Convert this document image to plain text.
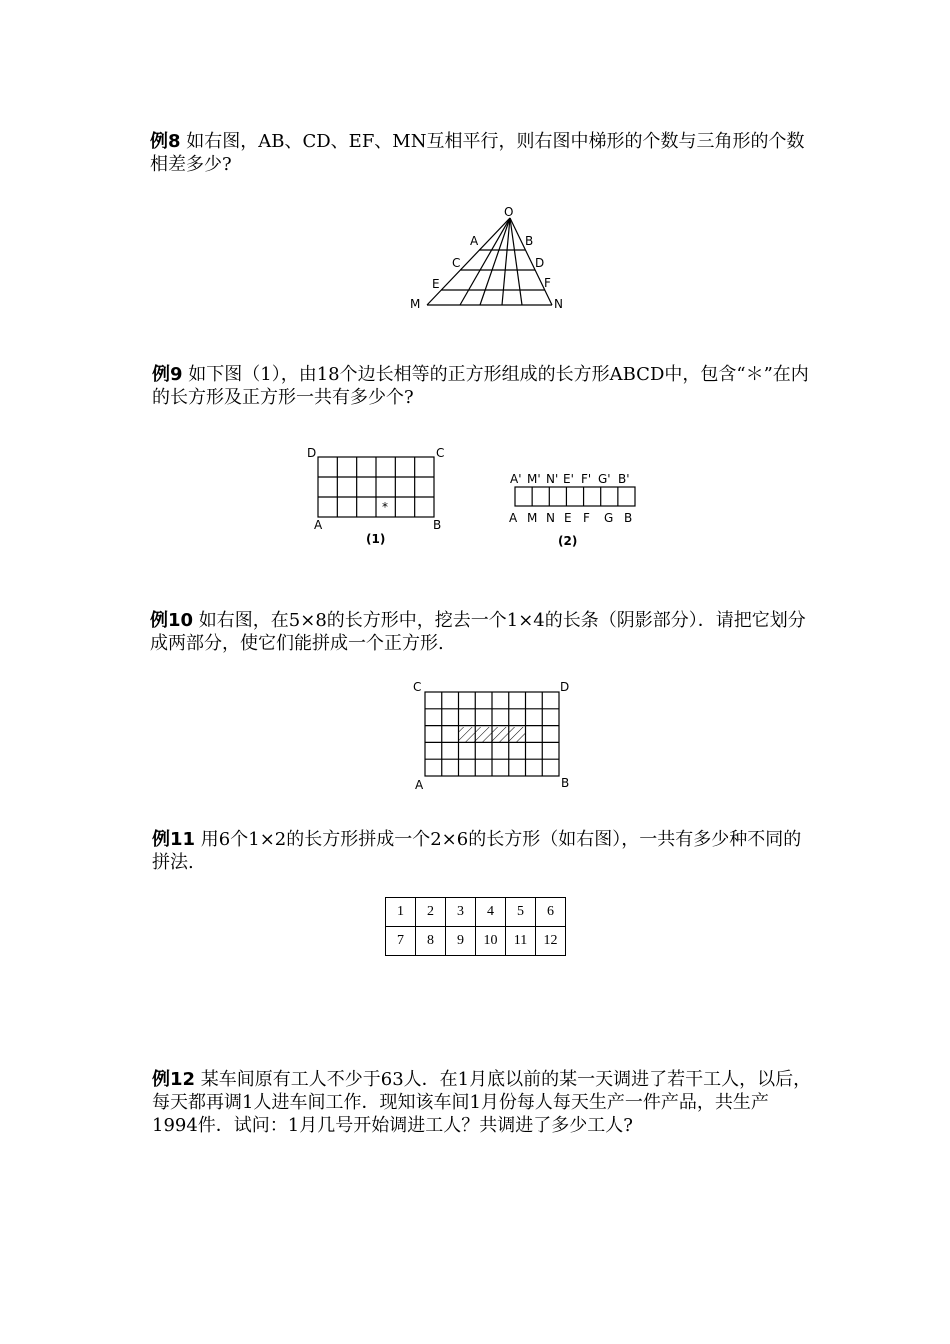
例8 如右图，AB、CD、EF、MN互相平行，则右图中梯形的个数与三角形的个数相差多少?

O
A	B
C	D
E	F
M	N

例9 如下图（1），由18个边长相等的正方形组成的长方形ABCD中，包含“＊”在内的长方形及正方形一共有多少个?

*
D	C
A	B
(1)
A' M' N' E' F' G' B'
A M N E F G B
(2)

例10 如右图，在5×8的长方形中，挖去一个1×4的长条（阴影部分）．请把它划分成两部分，使它们能拼成一个正方形.

C	D
A	B

例11 用6个1×2的长方形拼成一个2×6的长方形（如右图），一共有多少种不同的拼法.

1	2	3	4	5	6
7	8	9	10	11	12

例12 某车间原有工人不少于63人．在1月底以前的某一天调进了若干工人，以后，每天都再调1人进车间工作．现知该车间1月份每人每天生产一件产品，共生产1994件．试问：1月几号开始调进工人？共调进了多少工人?
